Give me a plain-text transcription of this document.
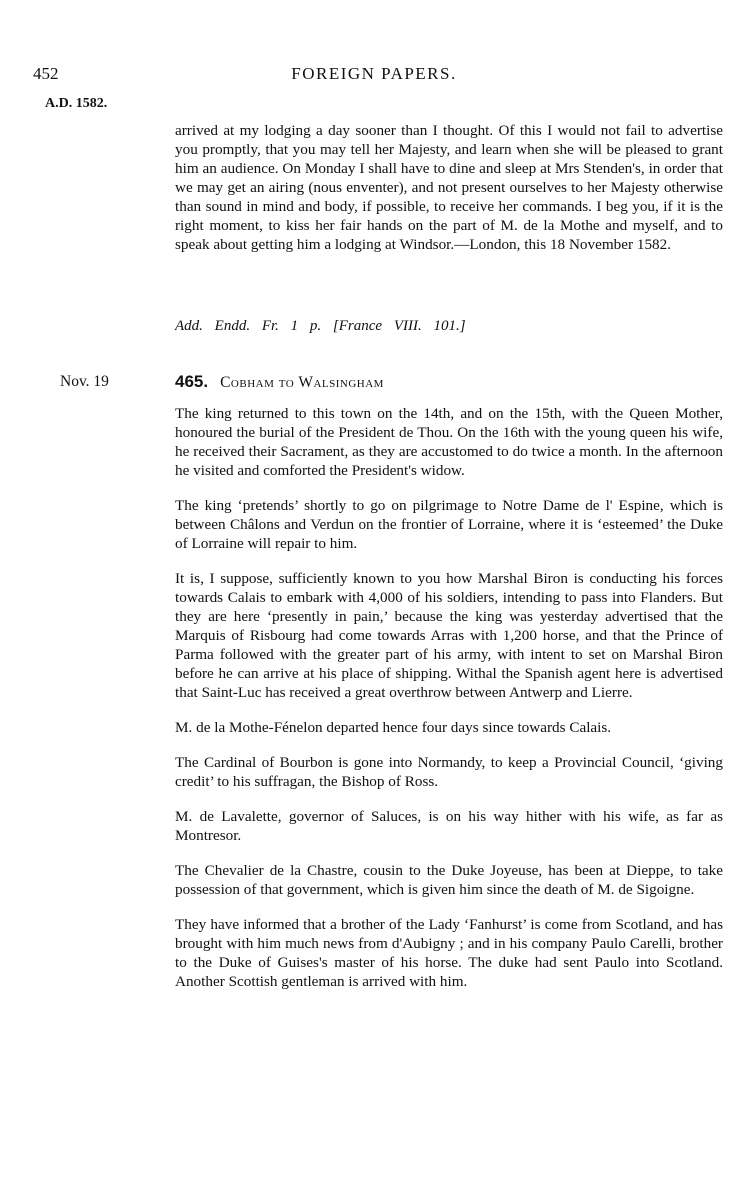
452	FOREIGN PAPERS.
A.D. 1582.

arrived at my lodging a day sooner than I thought. Of this I would not fail to advertise you promptly, that you may tell her Majesty, and learn when she will be pleased to grant him an audience. On Monday I shall have to dine and sleep at Mrs Stenden's, in order that we may get an airing (nous enventer), and not present ourselves to her Majesty otherwise than sound in mind and body, if possible, to receive her commands. I beg you, if it is the right moment, to kiss her fair hands on the part of M. de la Mothe and myself, and to speak about getting him a lodging at Windsor.—London, this 18 November 1582.

Add. Endd. Fr. 1 p. [France VIII. 101.]
Nov. 19	465. Cobham to Walsingham

The king returned to this town on the 14th, and on the 15th, with the Queen Mother, honoured the burial of the President de Thou. On the 16th with the young queen his wife, he received their Sacrament, as they are accustomed to do twice a month. In the afternoon he visited and comforted the President's widow.

The king ‘pretends’ shortly to go on pilgrimage to Notre Dame de l' Espine, which is between Châlons and Verdun on the frontier of Lorraine, where it is ‘esteemed’ the Duke of Lorraine will repair to him.

It is, I suppose, sufficiently known to you how Marshal Biron is conducting his forces towards Calais to embark with 4,000 of his soldiers, intending to pass into Flanders. But they are here ‘presently in pain,’ because the king was yesterday advertised that the Marquis of Risbourg had come towards Arras with 1,200 horse, and that the Prince of Parma followed with the greater part of his army, with intent to set on Marshal Biron before he can arrive at his place of shipping. Withal the Spanish agent here is advertised that Saint-Luc has received a great overthrow between Antwerp and Lierre.

M. de la Mothe-Fénelon departed hence four days since towards Calais.

The Cardinal of Bourbon is gone into Normandy, to keep a Provincial Council, ‘giving credit’ to his suffragan, the Bishop of Ross.

M. de Lavalette, governor of Saluces, is on his way hither with his wife, as far as Montresor.

The Chevalier de la Chastre, cousin to the Duke Joyeuse, has been at Dieppe, to take possession of that government, which is given him since the death of M. de Sigoigne.

They have informed that a brother of the Lady ‘Fanhurst’ is come from Scotland, and has brought with him much news from d'Aubigny ; and in his company Paulo Carelli, brother to the Duke of Guises's master of his horse. The duke had sent Paulo into Scotland. Another Scottish gentleman is arrived with him.
